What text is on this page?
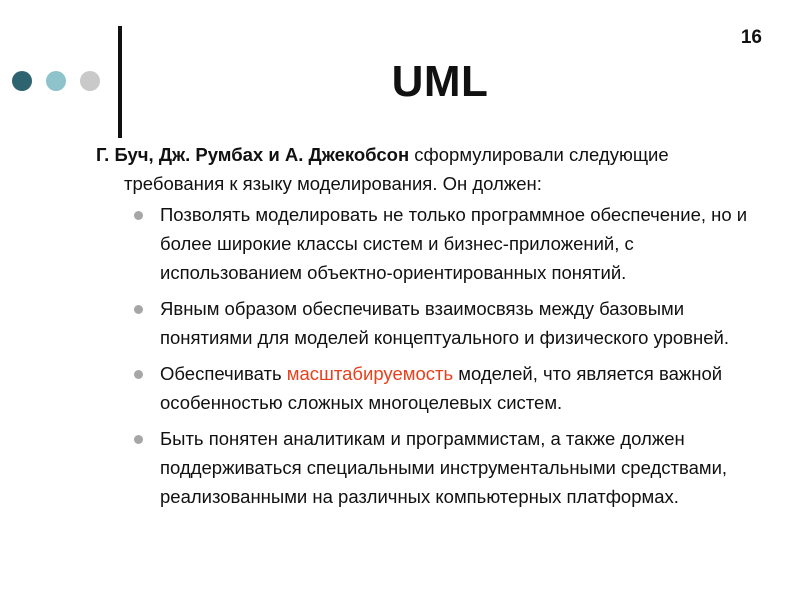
16
UML

Г. Буч, Дж. Румбах и А. Джекобсон сформулировали следующие требования к языку моделирования. Он должен:

Позволять моделировать не только программное обеспечение, но и более широкие классы систем и бизнес-приложений, с использованием объектно-ориентированных понятий.
Явным образом обеспечивать взаимосвязь между базовыми понятиями для моделей концептуального и физического уровней.
Обеспечивать масштабируемость моделей, что является важной особенностью сложных многоцелевых систем.
Быть понятен аналитикам и программистам, а также должен поддерживаться специальными инструментальными средствами, реализованными на различных компьютерных платформах.
